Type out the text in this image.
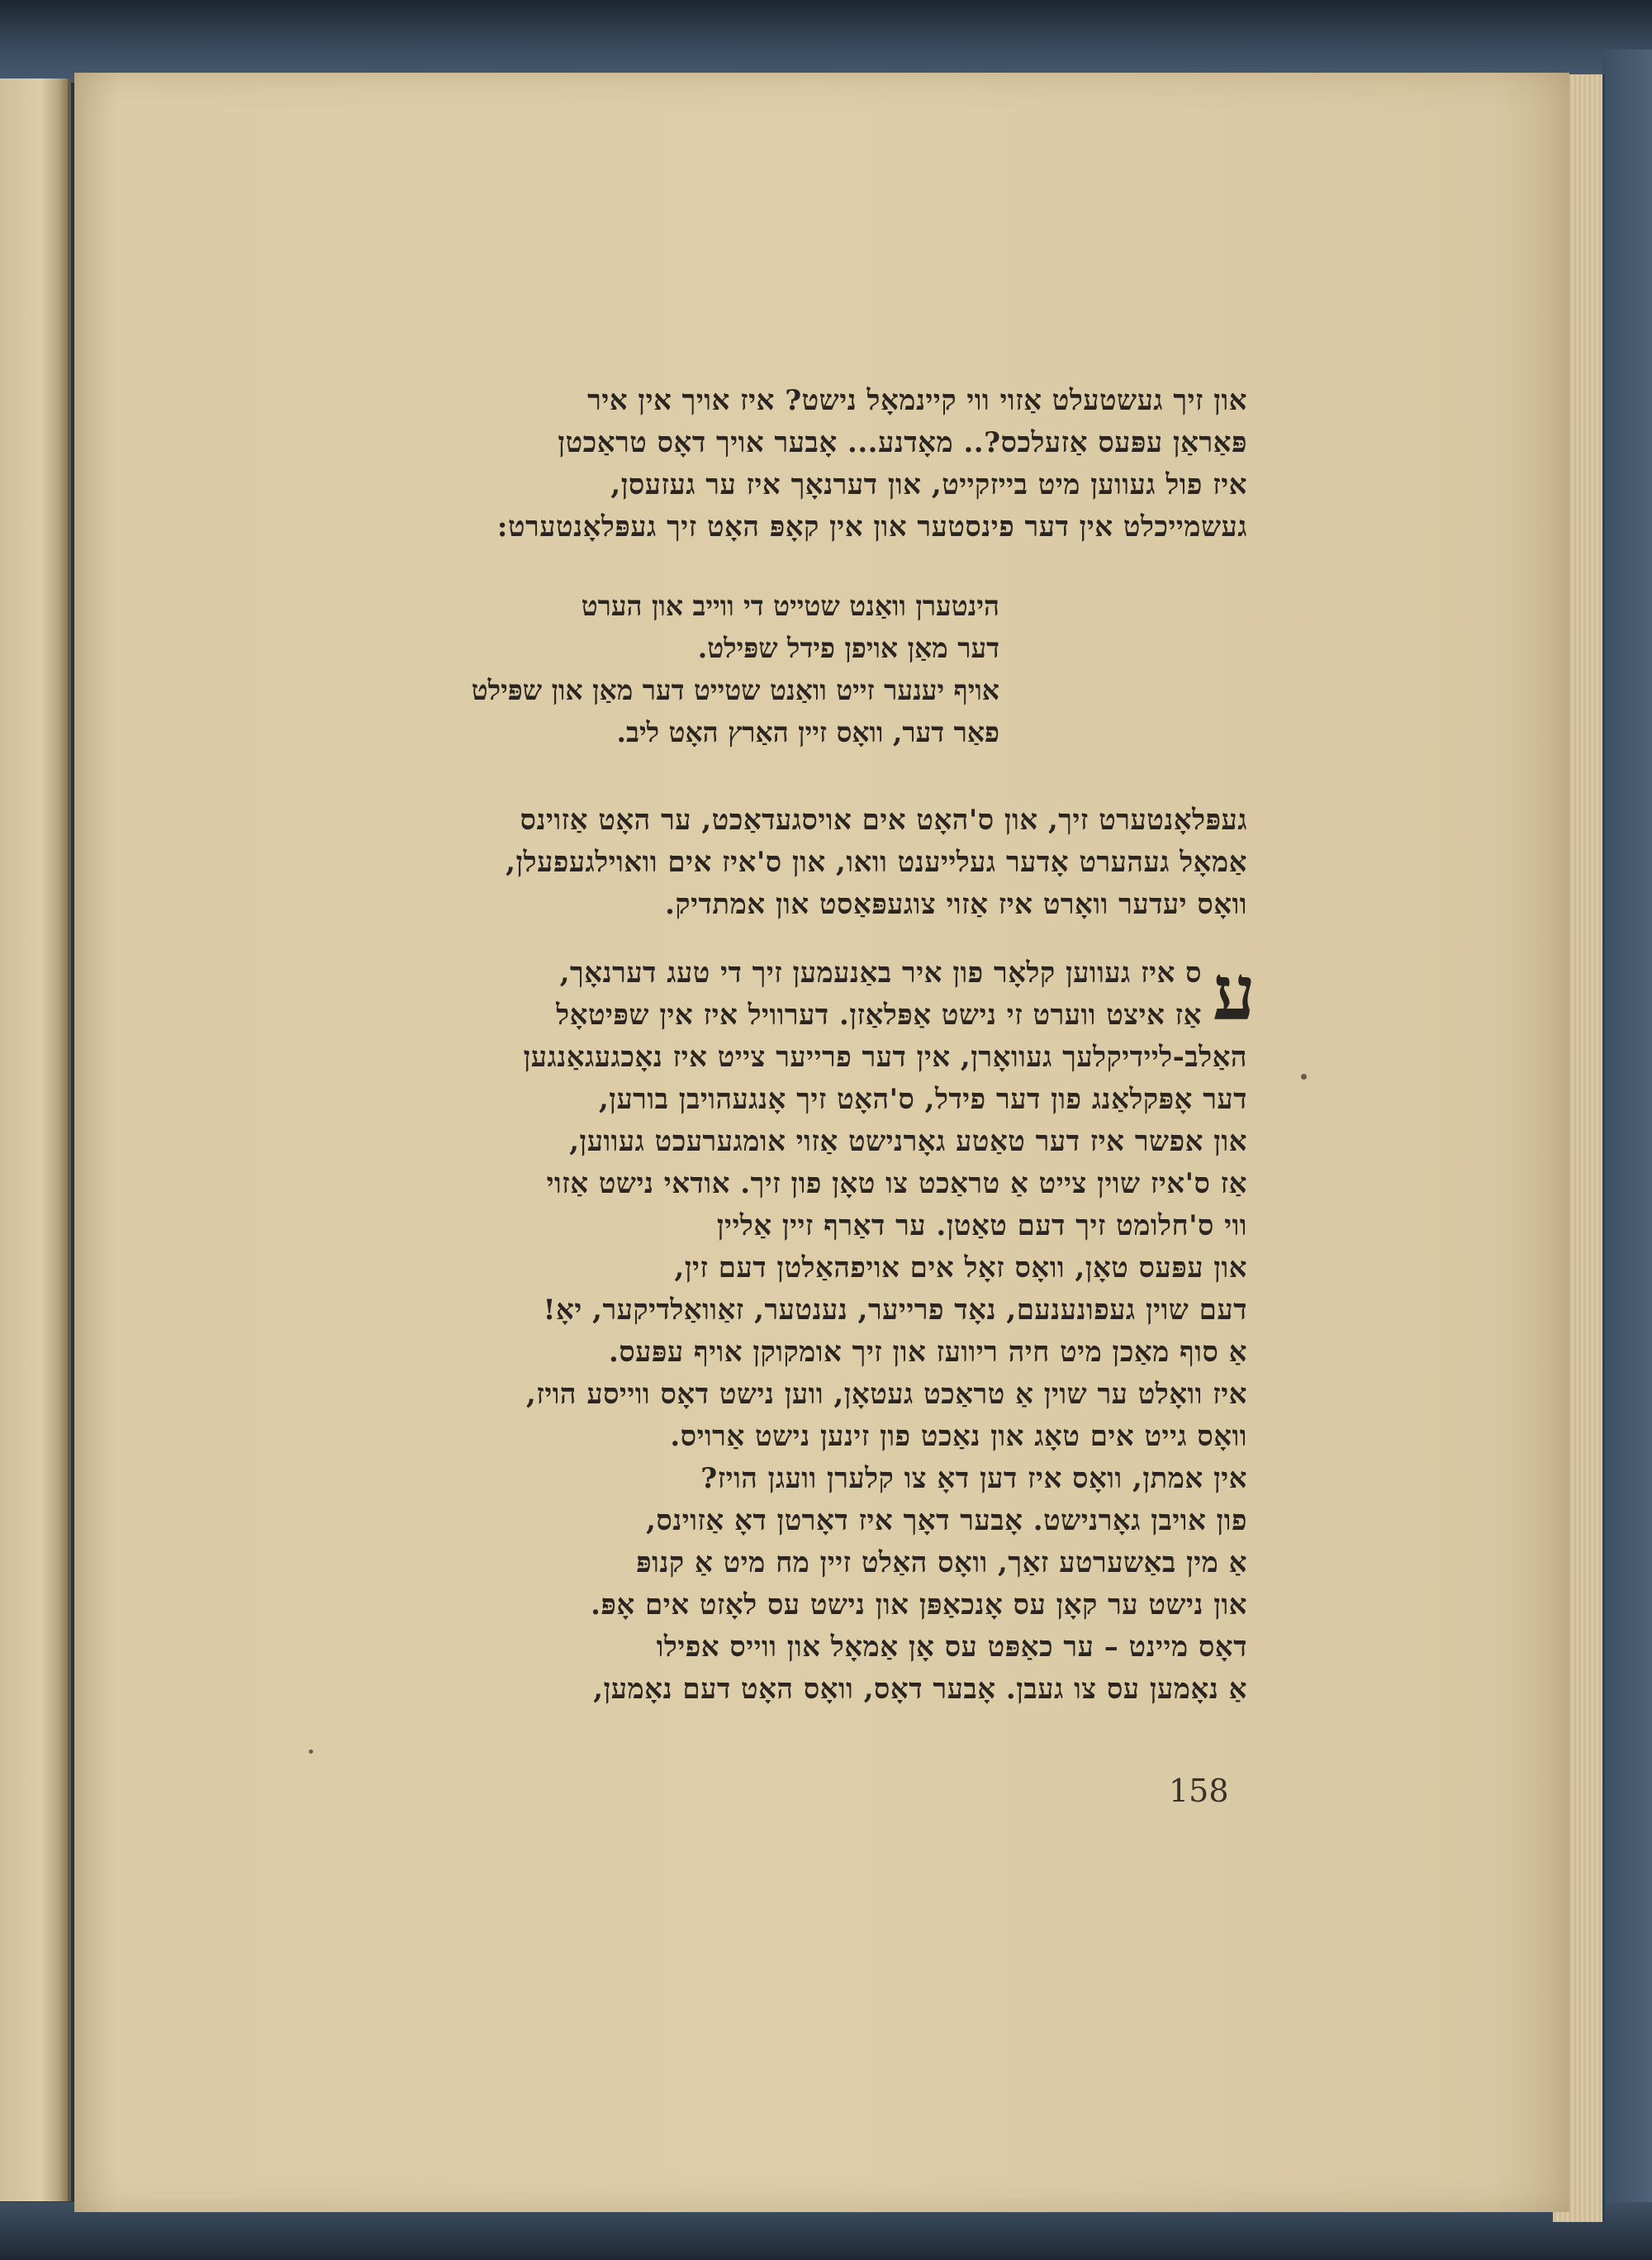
און זיך געשטעלט אַזוי ווי קיינמאָל נישט? איז אויך אין איר
פּאַראַן עפּעס אַזעלכס?.. מאָדנע... אָבער אויך דאָס טראַכטן
איז פול געווען מיט ביי‌זקייט, און דערנאָך איז ער געזעסן,
געשמייכלט אין דער פינסטער און אין קאָפּ האָט זיך געפּלאָנטערט:
הינטערן וואַנט שטייט די ווייב און הערט
דער מאַן אויפן פידל שפּילט.
אויף יענער זייט וואַנט שטייט דער מאַן און שפּילט
פאַר דער, וואָס זיין האַרץ האָט ליב.
געפּלאָנטערט זיך, און ס'האָט אים אויסגעדאַכט, ער האָט אַזוינס
אַמאָל געהערט אָדער געלייענט וואו, און ס'איז אים וואוילגעפעלן,
וואָס יעדער וואָרט איז אַזוי צוגעפּאַסט און אמתדיק.
ע
ס איז געווען קלאָר פון איר באַנעמען זיך די טעג דערנאָך,
אַז איצט ווערט זי נישט אַפּלאַזן. דערוויל איז אין שפּיטאָל
האַלב-ליידיקלעך געוואָרן, אין דער פרייער צייט איז נאָכגעגאַנגען
דער אָפּקלאַנג פון דער פידל, ס'האָט זיך אָנגעהויבן בורען,
און אפשר איז דער טאַטע גאָרנישט אַזוי אומגערעכט געווען,
אַז ס'איז שוין צייט אַ טראַכט צו טאָן פון זיך. אודאי נישט אַזוי
ווי ס'חלומט זיך דעם טאַטן. ער דאַרף זיין אַליין
און עפּעס טאָן, וואָס זאָל אים אויפהאַלטן דעם זין,
דעם שוין געפונענעם, נאָד פרייער, נענטער, זאַוואַלדיקער, יאָ!
אַ סוף מאַכן מיט חיה ריוועז און זיך אומקוקן אויף עפּעס.
איז וואָלט ער שוין אַ טראַכט געטאָן, ווען נישט דאָס ווייסע הויז,
וואָס גייט אים טאָג און נאַכט פון זינען נישט אַרויס.
אין אמתן, וואָס איז דען דאָ צו קלערן וועגן הויז?
פון אויבן גאָרנישט. אָבער דאָך איז דאָרטן דאָ אַזוינס,
אַ מין באַשערטע זאַך, וואָס האַלט זיין מח מיט אַ קנופּ
און נישט ער קאָן עס אָנכאַפּן און נישט עס לאָזט אים אָפּ.
דאָס מיינט – ער כאַפּט עס אָן אַמאָל און ווייס אפילו
אַ נאָמען עס צו געבן. אָבער דאָס, וואָס האָט דעם נאָמען,
158
